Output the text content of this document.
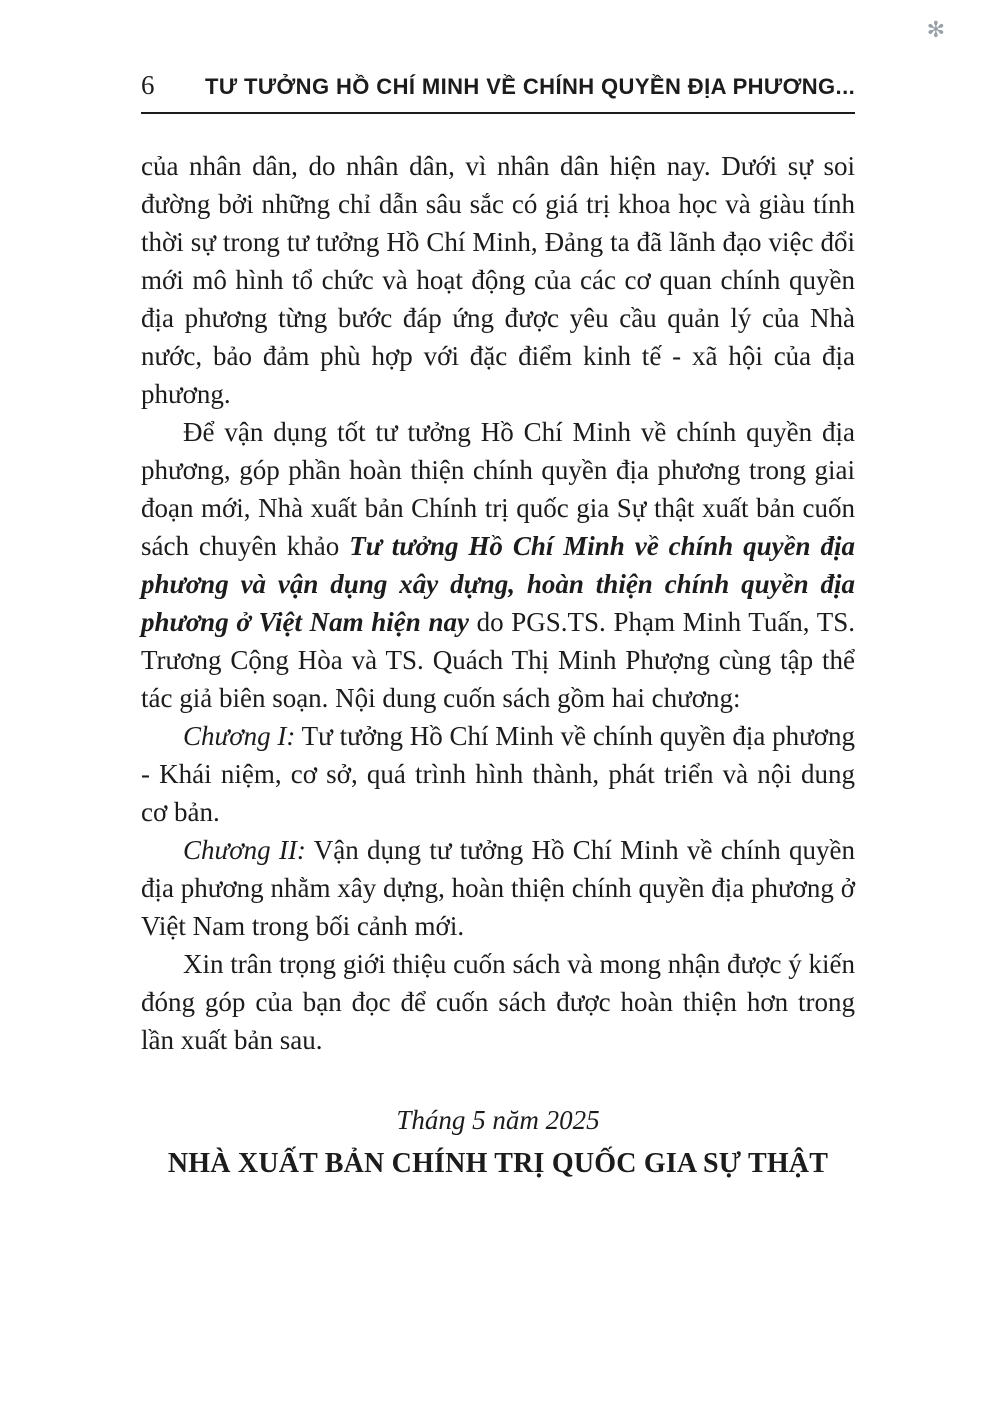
✻
6	TƯ TƯỞNG HỒ CHÍ MINH VỀ CHÍNH QUYỀN ĐỊA PHƯƠNG...

của nhân dân, do nhân dân, vì nhân dân hiện nay. Dưới sự soi đường bởi những chỉ dẫn sâu sắc có giá trị khoa học và giàu tính thời sự trong tư tưởng Hồ Chí Minh, Đảng ta đã lãnh đạo việc đổi mới mô hình tổ chức và hoạt động của các cơ quan chính quyền địa phương từng bước đáp ứng được yêu cầu quản lý của Nhà nước, bảo đảm phù hợp với đặc điểm kinh tế - xã hội của địa phương.

Để vận dụng tốt tư tưởng Hồ Chí Minh về chính quyền địa phương, góp phần hoàn thiện chính quyền địa phương trong giai đoạn mới, Nhà xuất bản Chính trị quốc gia Sự thật xuất bản cuốn sách chuyên khảo Tư tưởng Hồ Chí Minh về chính quyền địa phương và vận dụng xây dựng, hoàn thiện chính quyền địa phương ở Việt Nam hiện nay do PGS.TS. Phạm Minh Tuấn, TS. Trương Cộng Hòa và TS. Quách Thị Minh Phượng cùng tập thể tác giả biên soạn. Nội dung cuốn sách gồm hai chương:

Chương I: Tư tưởng Hồ Chí Minh về chính quyền địa phương - Khái niệm, cơ sở, quá trình hình thành, phát triển và nội dung cơ bản.

Chương II: Vận dụng tư tưởng Hồ Chí Minh về chính quyền địa phương nhằm xây dựng, hoàn thiện chính quyền địa phương ở Việt Nam trong bối cảnh mới.

Xin trân trọng giới thiệu cuốn sách và mong nhận được ý kiến đóng góp của bạn đọc để cuốn sách được hoàn thiện hơn trong lần xuất bản sau.

Tháng 5 năm 2025

NHÀ XUẤT BẢN CHÍNH TRỊ QUỐC GIA SỰ THẬT
